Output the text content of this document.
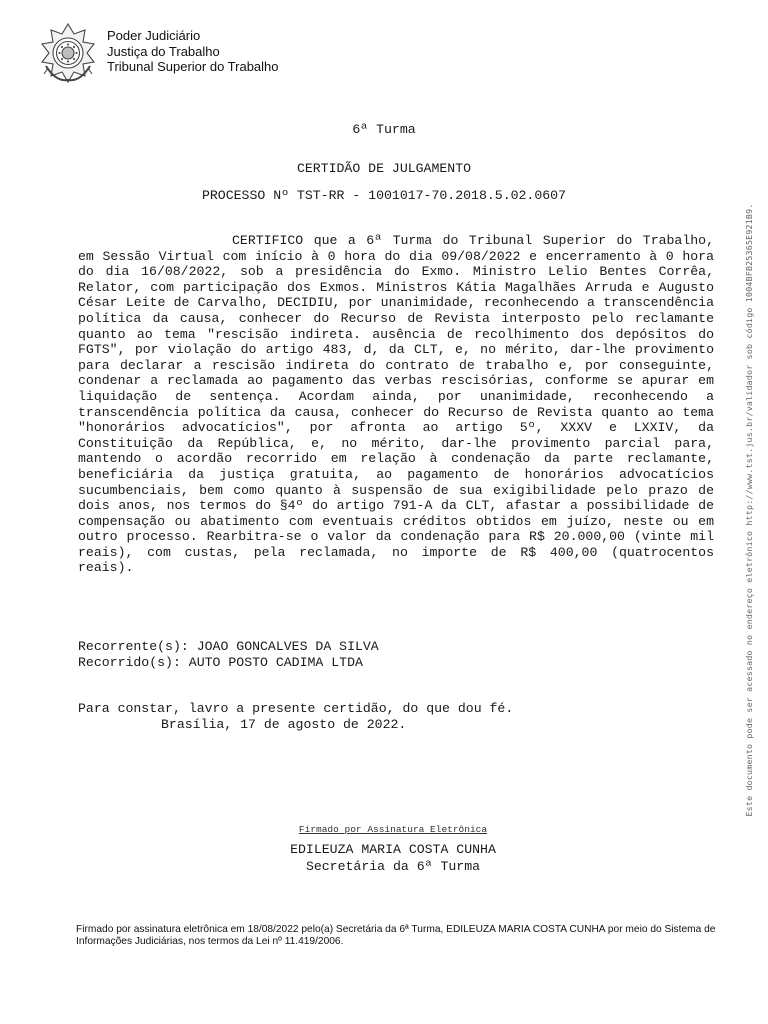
Poder Judiciário
Justiça do Trabalho
Tribunal Superior do Trabalho
6ª Turma
CERTIDÃO DE JULGAMENTO
PROCESSO Nº TST-RR - 1001017-70.2018.5.02.0607

CERTIFICO que a 6ª Turma do Tribunal Superior do Trabalho, em Sessão Virtual com início à 0 hora do dia 09/08/2022 e encerramento à 0 hora do dia 16/08/2022, sob a presidência do Exmo. Ministro Lelio Bentes Corrêa, Relator, com participação dos Exmos. Ministros Kátia Magalhães Arruda e Augusto César Leite de Carvalho, DECIDIU, por unanimidade, reconhecendo a transcendência política da causa, conhecer do Recurso de Revista interposto pelo reclamante quanto ao tema "rescisão indireta. ausência de recolhimento dos depósitos do FGTS", por violação do artigo 483, d, da CLT, e, no mérito, dar-lhe provimento para declarar a rescisão indireta do contrato de trabalho e, por conseguinte, condenar a reclamada ao pagamento das verbas rescisórias, conforme se apurar em liquidação de sentença. Acordam ainda, por unanimidade, reconhecendo a transcendência política da causa, conhecer do Recurso de Revista quanto ao tema "honorários advocatícios", por afronta ao artigo 5º, XXXV e LXXIV, da Constituição da República, e, no mérito, dar-lhe provimento parcial para, mantendo o acordão recorrido em relação à condenação da parte reclamante, beneficiária da justiça gratuita, ao pagamento de honorários advocatícios sucumbenciais, bem como quanto à suspensão de sua exigibilidade pelo prazo de dois anos, nos termos do §4º do artigo 791-A da CLT, afastar a possibilidade de compensação ou abatimento com eventuais créditos obtidos em juízo, neste ou em outro processo. Rearbitra-se o valor da condenação para R$ 20.000,00 (vinte mil reais), com custas, pela reclamada, no importe de R$ 400,00 (quatrocentos reais).

Recorrente(s): JOAO GONCALVES DA SILVA
Recorrido(s): AUTO POSTO CADIMA LTDA
Para constar, lavro a presente certidão, do que dou fé.
Brasília, 17 de agosto de 2022.
Firmado por Assinatura Eletrônica
EDILEUZA MARIA COSTA CUNHA
Secretária da 6ª Turma
Firmado por assinatura eletrônica em 18/08/2022 pelo(a) Secretária da 6ª Turma, EDILEUZA MARIA COSTA CUNHA por meio do Sistema de Informações Judiciárias, nos termos da Lei nº 11.419/2006.
Este documento pode ser acessado no endereço eletrônico http://www.tst.jus.br/validador sob código 1004BFB25365E921B9.
